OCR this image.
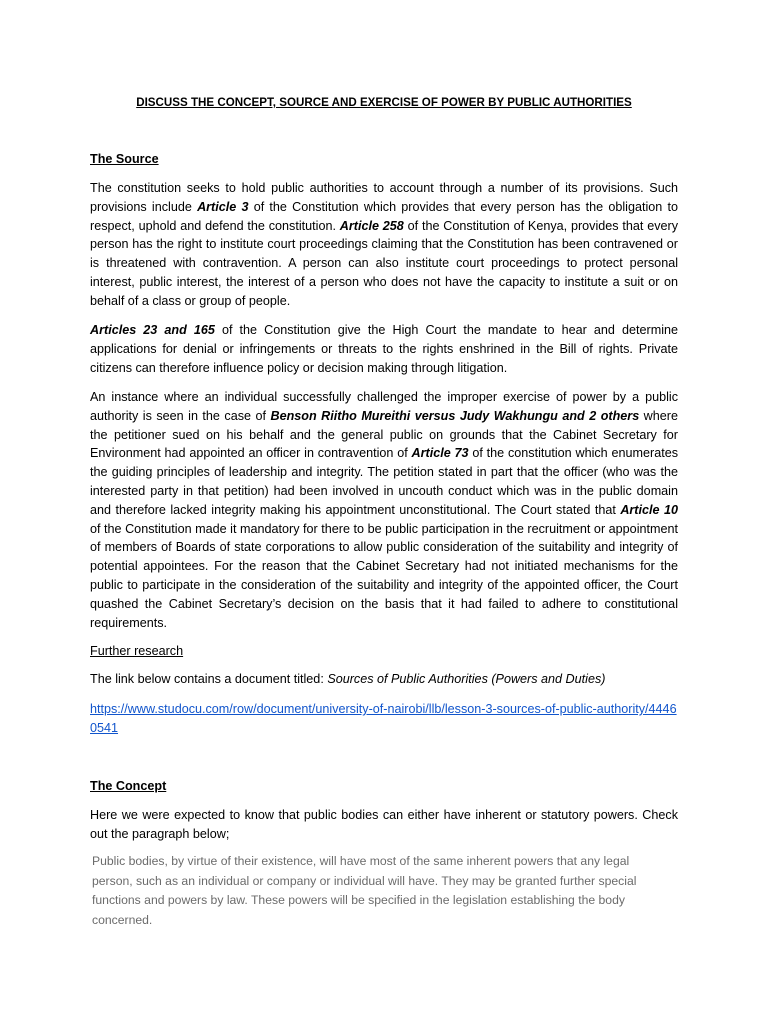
DISCUSS THE CONCEPT, SOURCE AND EXERCISE OF POWER BY PUBLIC AUTHORITIES

The Source

The constitution seeks to hold public authorities to account through a number of its provisions. Such provisions include Article 3 of the Constitution which provides that every person has the obligation to respect, uphold and defend the constitution. Article 258 of the Constitution of Kenya, provides that every person has the right to institute court proceedings claiming that the Constitution has been contravened or is threatened with contravention. A person can also institute court proceedings to protect personal interest, public interest, the interest of a person who does not have the capacity to institute a suit or on behalf of a class or group of people.

Articles 23 and 165 of the Constitution give the High Court the mandate to hear and determine applications for denial or infringements or threats to the rights enshrined in the Bill of rights. Private citizens can therefore influence policy or decision making through litigation.

An instance where an individual successfully challenged the improper exercise of power by a public authority is seen in the case of Benson Riitho Mureithi versus Judy Wakhungu and 2 others where the petitioner sued on his behalf and the general public on grounds that the Cabinet Secretary for Environment had appointed an officer in contravention of Article 73 of the constitution which enumerates the guiding principles of leadership and integrity. The petition stated in part that the officer (who was the interested party in that petition) had been involved in uncouth conduct which was in the public domain and therefore lacked integrity making his appointment unconstitutional. The Court stated that Article 10 of the Constitution made it mandatory for there to be public participation in the recruitment or appointment of members of Boards of state corporations to allow public consideration of the suitability and integrity of potential appointees. For the reason that the Cabinet Secretary had not initiated mechanisms for the public to participate in the consideration of the suitability and integrity of the appointed officer, the Court quashed the Cabinet Secretary’s decision on the basis that it had failed to adhere to constitutional requirements.

Further research

The link below contains a document titled: Sources of Public Authorities (Powers and Duties)

https://www.studocu.com/row/document/university-of-nairobi/llb/lesson-3-sources-of-public-authority/44460541

The Concept

Here we were expected to know that public bodies can either have inherent or statutory powers. Check out the paragraph below;

Public bodies, by virtue of their existence, will have most of the same inherent powers that any legal person, such as an individual or company or individual will have. They may be granted further special functions and powers by law. These powers will be specified in the legislation establishing the body concerned.
